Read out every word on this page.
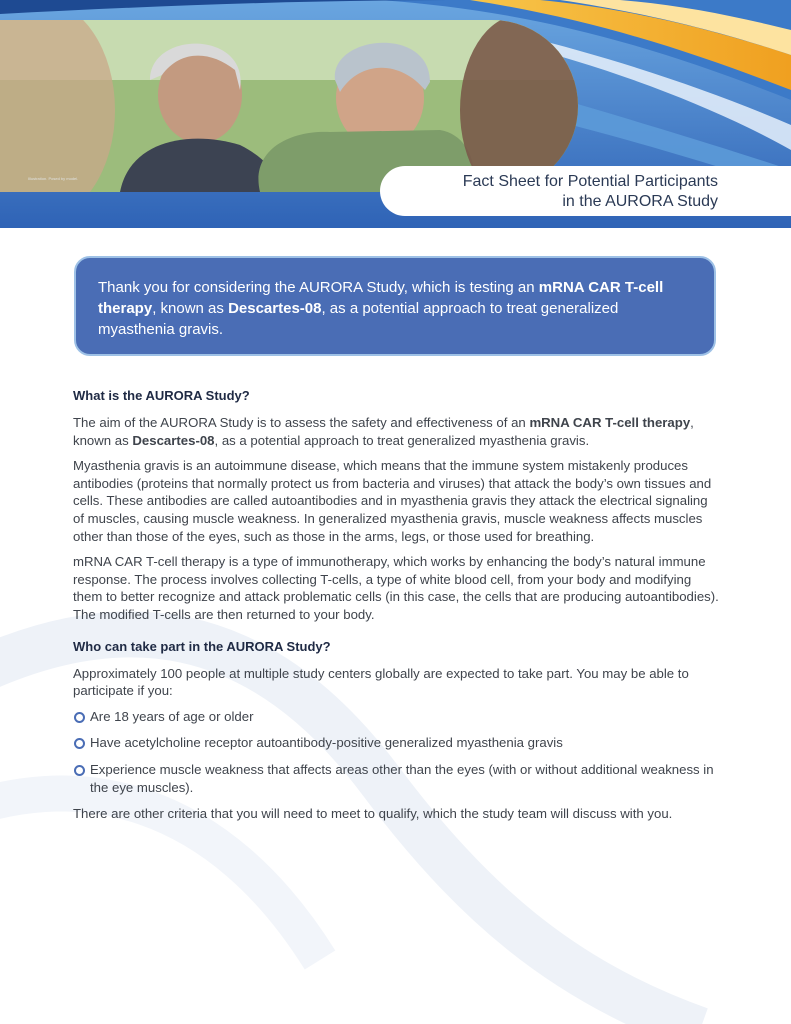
Illustration. Posed by model.	Fact Sheet for Potential Participants
in the AURORA Study
Thank you for considering the AURORA Study, which is testing an mRNA CAR T-cell therapy, known as Descartes-08, as a potential approach to treat generalized myasthenia gravis.
What is the AURORA Study?

The aim of the AURORA Study is to assess the safety and effectiveness of an mRNA CAR T-cell therapy, known as Descartes-08, as a potential approach to treat generalized myasthenia gravis.

Myasthenia gravis is an autoimmune disease, which means that the immune system mistakenly produces antibodies (proteins that normally protect us from bacteria and viruses) that attack the body’s own tissues and cells. These antibodies are called autoantibodies and in myasthenia gravis they attack the electrical signaling of muscles, causing muscle weakness. In generalized myasthenia gravis, muscle weakness affects muscles other than those of the eyes, such as those in the arms, legs, or those used for breathing.

mRNA CAR T-cell therapy is a type of immunotherapy, which works by enhancing the body’s natural immune response. The process involves collecting T-cells, a type of white blood cell, from your body and modifying them to better recognize and attack problematic cells (in this case, the cells that are producing autoantibodies). The modified T-cells are then returned to your body.

Who can take part in the AURORA Study?

Approximately 100 people at multiple study centers globally are expected to take part. You may be able to participate if you:

Are 18 years of age or older
Have acetylcholine receptor autoantibody-positive generalized myasthenia gravis
Experience muscle weakness that affects areas other than the eyes (with or without additional weakness in the eye muscles).

There are other criteria that you will need to meet to qualify, which the study team will discuss with you.
